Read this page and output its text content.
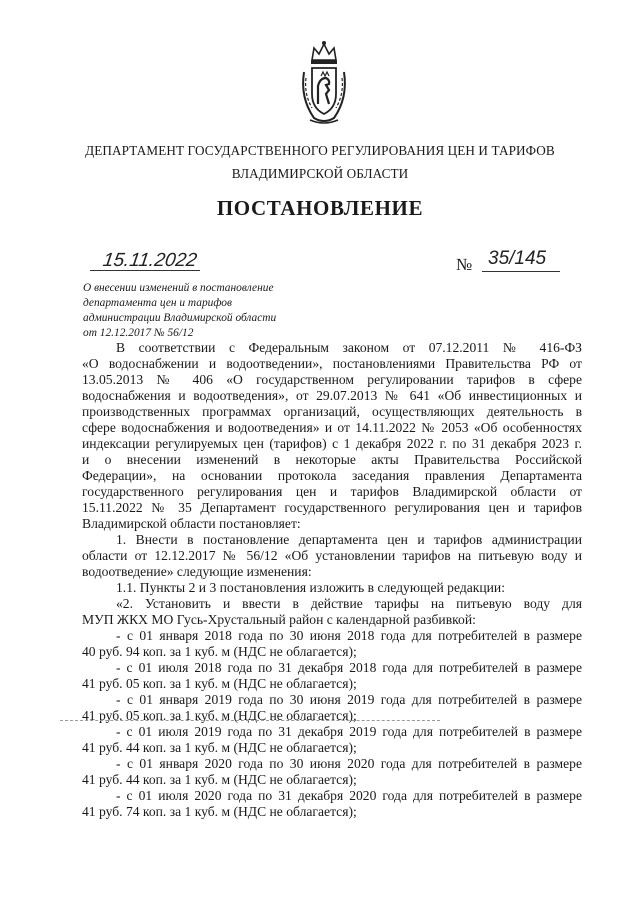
ДЕПАРТАМЕНТ ГОСУДАРСТВЕННОГО РЕГУЛИРОВАНИЯ ЦЕН И ТАРИФОВ
ВЛАДИМИРСКОЙ ОБЛАСТИ
ПОСТАНОВЛЕНИЕ
15.11.2022	№ 35/145
О внесении изменений в постановление
департамента цен и тарифов
администрации Владимирской области
от 12.12.2017 № 56/12
В соответствии с Федеральным законом от 07.12.2011 № 416-ФЗ
«О водоснабжении и водоотведении», постановлениями Правительства РФ от
13.05.2013 № 406 «О государственном регулировании тарифов в сфере
водоснабжения и водоотведения», от 29.07.2013 № 641 «Об инвестиционных и
производственных программах организаций, осуществляющих деятельность в
сфере водоснабжения и водоотведения» и от 14.11.2022 № 2053 «Об особенностях
индексации регулируемых цен (тарифов) с 1 декабря 2022 г. по 31 декабря 2023 г.
и о внесении изменений в некоторые акты Правительства Российской
Федерации», на основании протокола заседания правления Департамента
государственного регулирования цен и тарифов Владимирской области от
15.11.2022 № 35 Департамент государственного регулирования цен и тарифов
Владимирской области постановляет:
1. Внести в постановление департамента цен и тарифов администрации
области от 12.12.2017 № 56/12 «Об установлении тарифов на питьевую воду и
водоотведение» следующие изменения:
1.1. Пункты 2 и 3 постановления изложить в следующей редакции:
«2. Установить и ввести в действие тарифы на питьевую воду для
МУП ЖКХ МО Гусь-Хрустальный район с календарной разбивкой:
- с 01 января 2018 года по 30 июня 2018 года для потребителей в размере
40 руб. 94 коп. за 1 куб. м (НДС не облагается);
- с 01 июля 2018 года по 31 декабря 2018 года для потребителей в размере
41 руб. 05 коп. за 1 куб. м (НДС не облагается);
- с 01 января 2019 года по 30 июня 2019 года для потребителей в размере
41 руб. 05 коп. за 1 куб. м (НДС не облагается);
- с 01 июля 2019 года по 31 декабря 2019 года для потребителей в размере
41 руб. 44 коп. за 1 куб. м (НДС не облагается);
- с 01 января 2020 года по 30 июня 2020 года для потребителей в размере
41 руб. 44 коп. за 1 куб. м (НДС не облагается);
- с 01 июля 2020 года по 31 декабря 2020 года для потребителей в размере
41 руб. 74 коп. за 1 куб. м (НДС не облагается);
